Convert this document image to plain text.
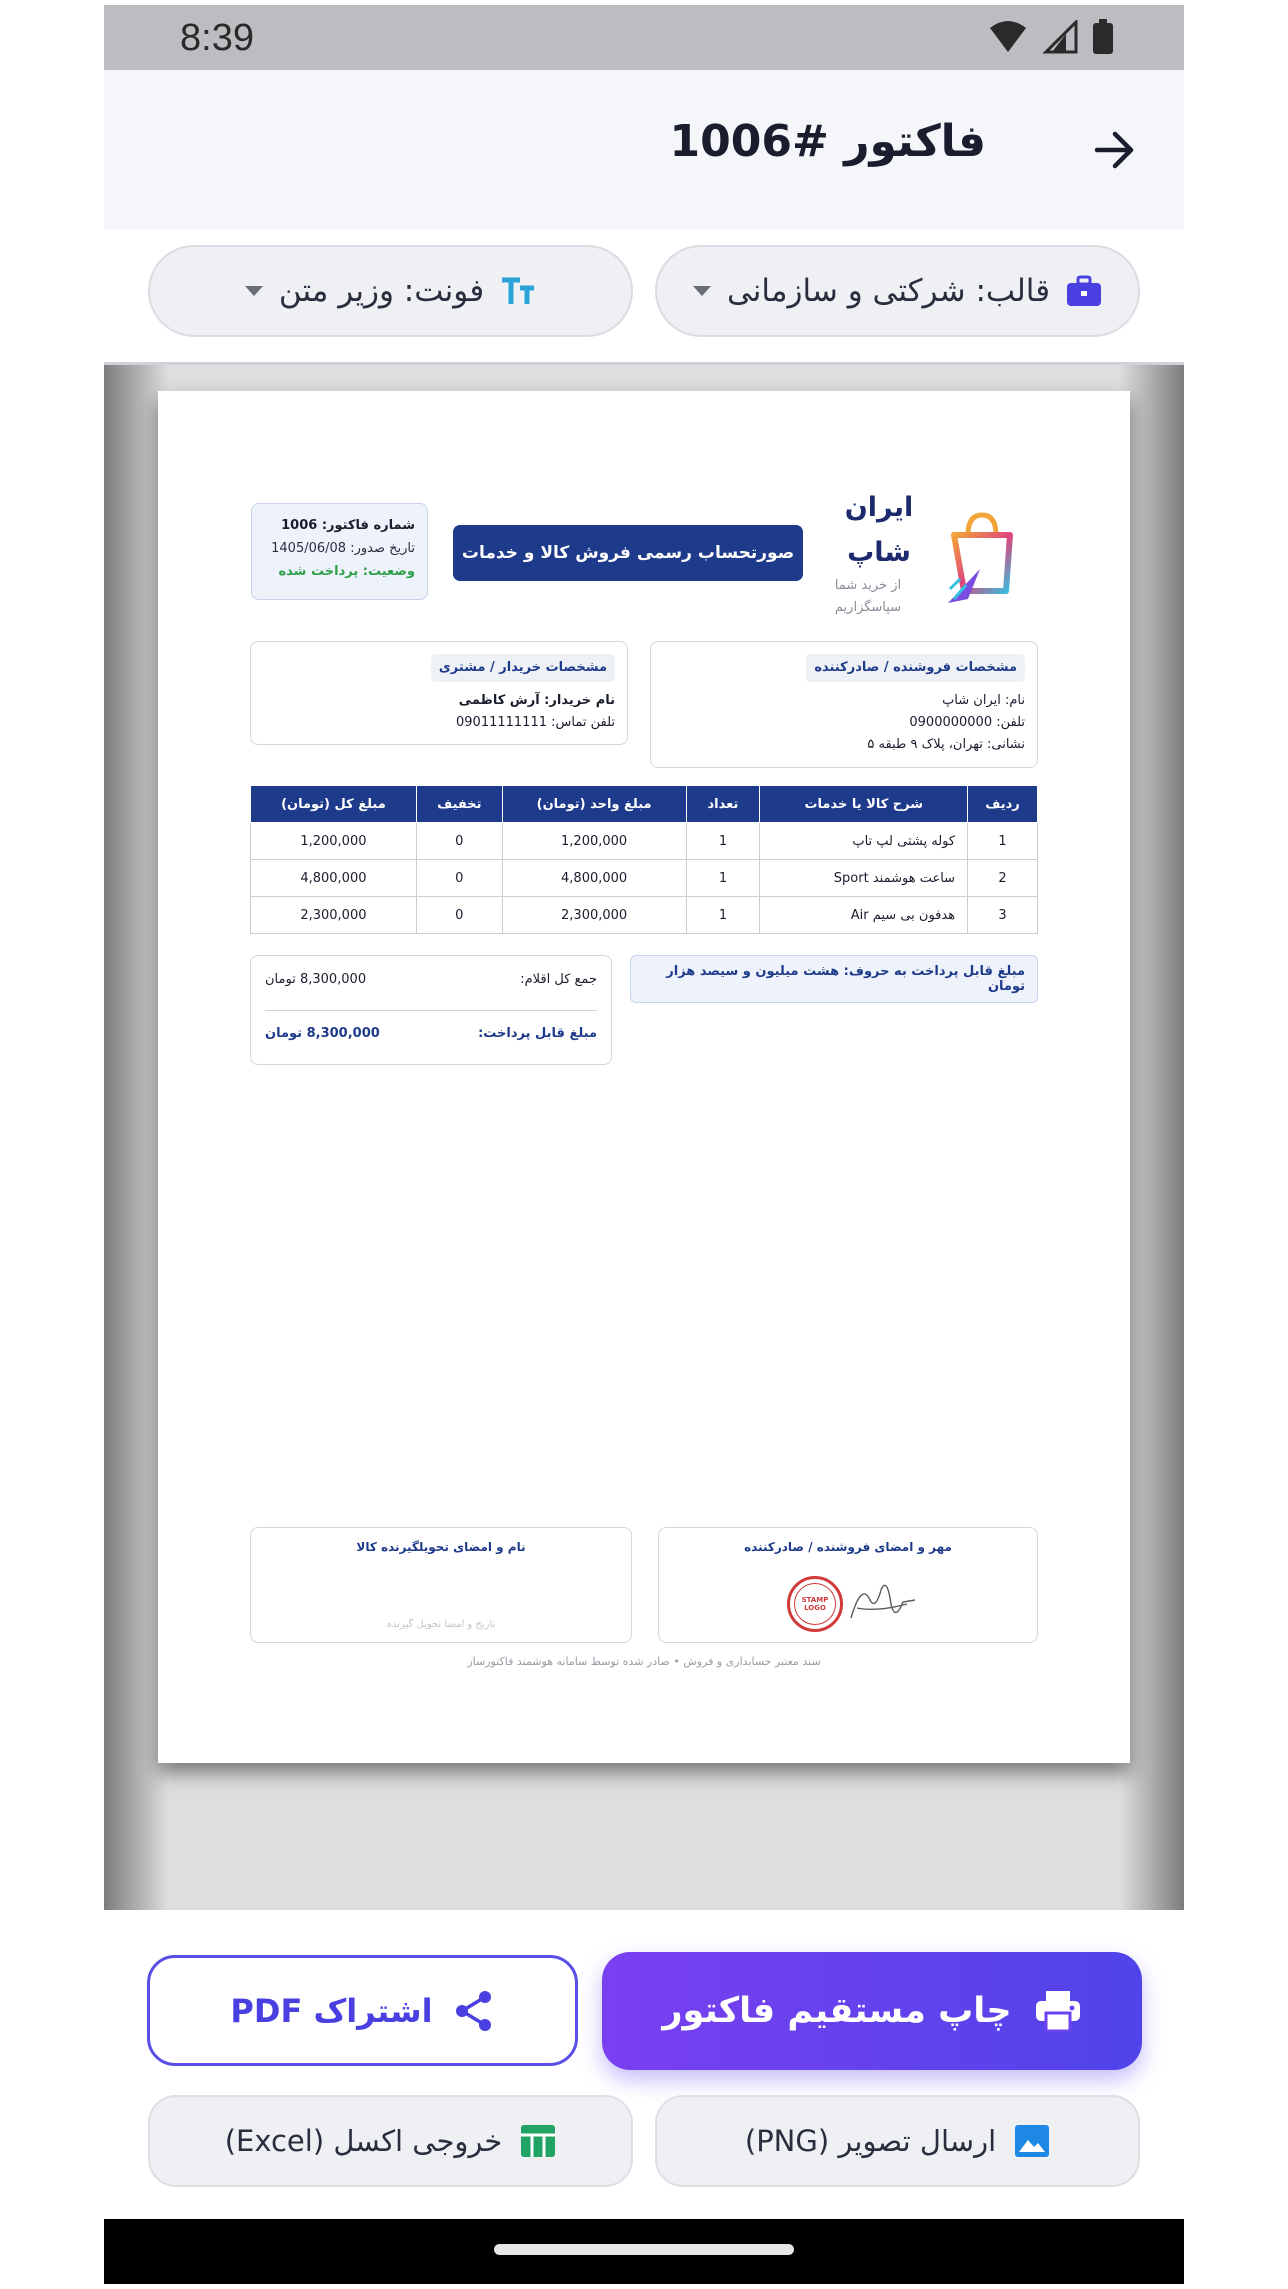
8:39
فاکتور #1006
قالب: شرکتی و سازمانی
فونت: وزیر متن
ایران
شاپ
از خرید شما سپاسگزاریم
صورتحساب رسمی فروش کالا و خدمات
شماره فاکتور: 1006
تاریخ صدور: 1405/06/08
وضعیت: پرداخت شده
مشخصات فروشنده / صادرکننده
نام: ایران شاپ
تلفن: 0900000000
نشانی: تهران، پلاک ۹ طبقه ۵
مشخصات خریدار / مشتری
نام خریدار: آرش کاظمی
تلفن تماس: 09011111111
ردیف	شرح کالا یا خدمات	تعداد	مبلغ واحد (تومان)	تخفیف	مبلغ کل (تومان)
1	کوله پشتی لپ تاپ	1	1,200,000	0	1,200,000
2	ساعت هوشمند Sport	1	4,800,000	0	4,800,000
3	هدفون بی سیم Air	1	2,300,000	0	2,300,000
مبلغ قابل پرداخت به حروف: هشت میلیون و سیصد هزار تومان
جمع کل اقلام:
8,300,000 تومان
مبلغ قابل پرداخت:
8,300,000 تومان
مهر و امضای فروشنده / صادرکننده
STAMP LOGO
نام و امضای تحویلگیرنده کالا
تاریخ و امضا تحویل گیرنده
سند معتبر حسابداری و فروش • صادر شده توسط سامانه هوشمند فاکتورساز
چاپ مستقیم فاکتور
اشتراک PDF
ارسال تصویر (PNG)
خروجی اکسل (Excel)
